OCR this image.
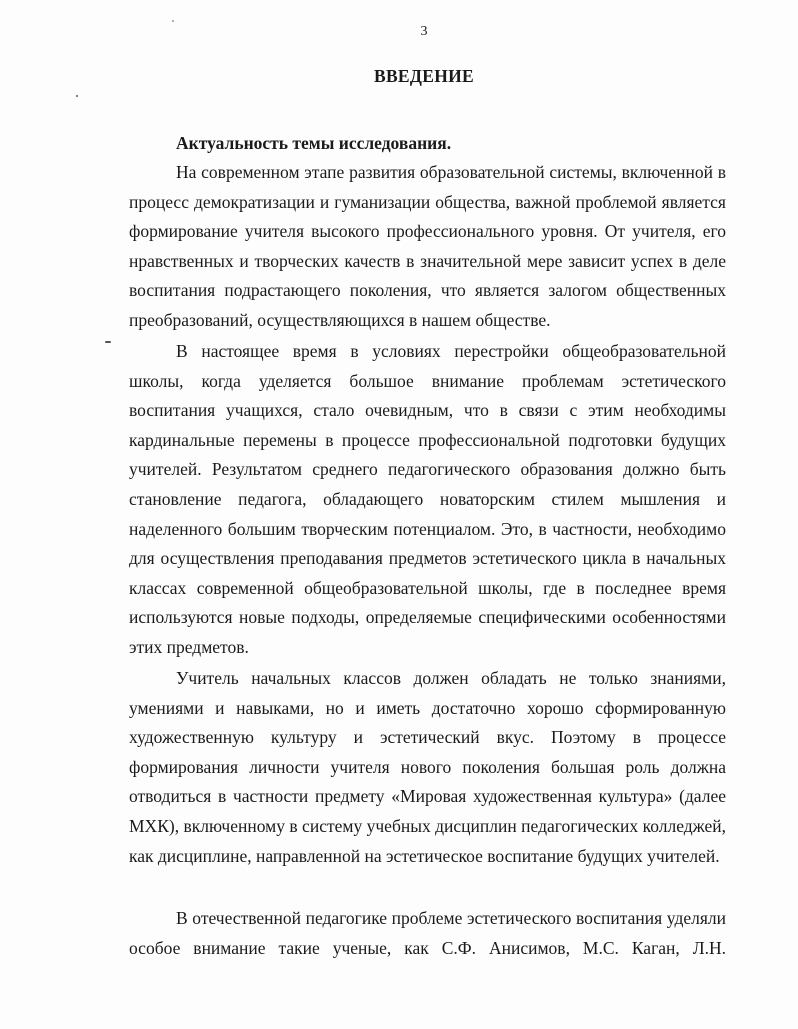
3
ВВЕДЕНИЕ
Актуальность темы исследования.

На современном этапе развития образовательной системы, включенной в процесс демократизации и гуманизации общества, важной проблемой является формирование учителя высокого профессионального уровня. От учителя, его нравственных и творческих качеств в значительной мере зависит успех в деле воспитания подрастающего поколения, что является залогом общественных преобразований, осуществляющихся в нашем обществе.

В настоящее время в условиях перестройки общеобразовательной школы, когда уделяется большое внимание проблемам эстетического воспитания учащихся, стало очевидным, что в связи с этим необходимы кардинальные перемены в процессе профессиональной подготовки будущих учителей. Результатом среднего педагогического образования должно быть становление педагога, обладающего новаторским стилем мышления и наделенного большим творческим потенциалом. Это, в частности, необходимо для осуществления преподавания предметов эстетического цикла в начальных классах современной общеобразовательной школы, где в последнее время используются новые подходы, определяемые специфическими особенностями этих предметов.

Учитель начальных классов должен обладать не только знаниями, умениями и навыками, но и иметь достаточно хорошо сформированную художественную культуру и эстетический вкус. Поэтому в процессе формирования личности учителя нового поколения большая роль должна отводиться в частности предмету «Мировая художественная культура» (далее МХК), включенному в систему учебных дисциплин педагогических колледжей, как дисциплине, направленной на эстетическое воспитание будущих учителей.

В отечественной педагогике проблеме эстетического воспитания уделяли особое внимание такие ученые, как С.Ф. Анисимов, М.С. Каган, Л.Н.
